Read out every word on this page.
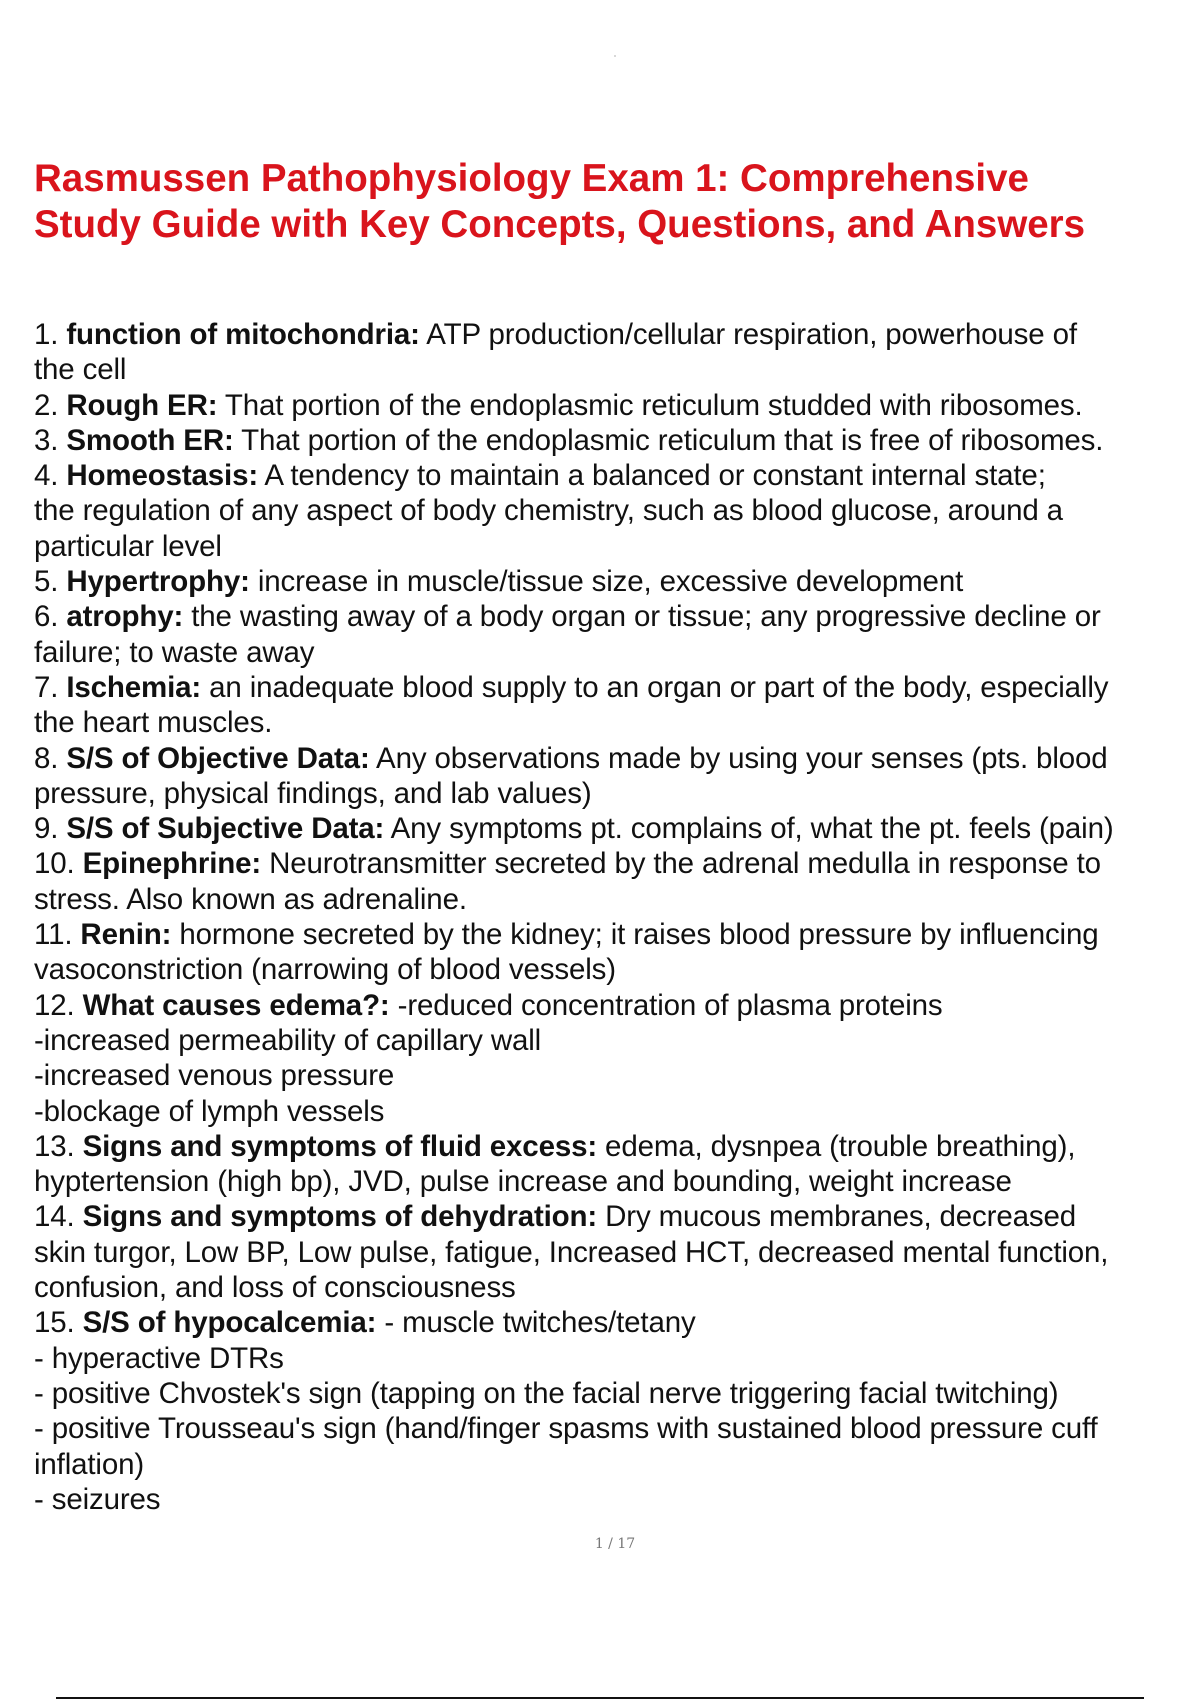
Rasmussen Pathophysiology Exam 1: Comprehensive
Study Guide with Key Concepts, Questions, and Answers
1. function of mitochondria: ATP production/cellular respiration, powerhouse of
the cell
2. Rough ER: That portion of the endoplasmic reticulum studded with ribosomes.
3. Smooth ER: That portion of the endoplasmic reticulum that is free of ribosomes.
4. Homeostasis: A tendency to maintain a balanced or constant internal state;
the regulation of any aspect of body chemistry, such as blood glucose, around a
particular level
5. Hypertrophy: increase in muscle/tissue size, excessive development
6. atrophy: the wasting away of a body organ or tissue; any progressive decline or
failure; to waste away
7. Ischemia: an inadequate blood supply to an organ or part of the body, especially
the heart muscles.
8. S/S of Objective Data: Any observations made by using your senses (pts. blood
pressure, physical findings, and lab values)
9. S/S of Subjective Data: Any symptoms pt. complains of, what the pt. feels (pain)
10. Epinephrine: Neurotransmitter secreted by the adrenal medulla in response to
stress. Also known as adrenaline.
11. Renin: hormone secreted by the kidney; it raises blood pressure by influencing
vasoconstriction (narrowing of blood vessels)
12. What causes edema?: -reduced concentration of plasma proteins
-increased permeability of capillary wall
-increased venous pressure
-blockage of lymph vessels
13. Signs and symptoms of fluid excess: edema, dysnpea (trouble breathing),
hyptertension (high bp), JVD, pulse increase and bounding, weight increase
14. Signs and symptoms of dehydration: Dry mucous membranes, decreased
skin turgor, Low BP, Low pulse, fatigue, Increased HCT, decreased mental function,
confusion, and loss of consciousness
15. S/S of hypocalcemia: - muscle twitches/tetany
- hyperactive DTRs
- positive Chvostek's sign (tapping on the facial nerve triggering facial twitching)
- positive Trousseau's sign (hand/finger spasms with sustained blood pressure cuff
inflation)
- seizures
1 / 17
